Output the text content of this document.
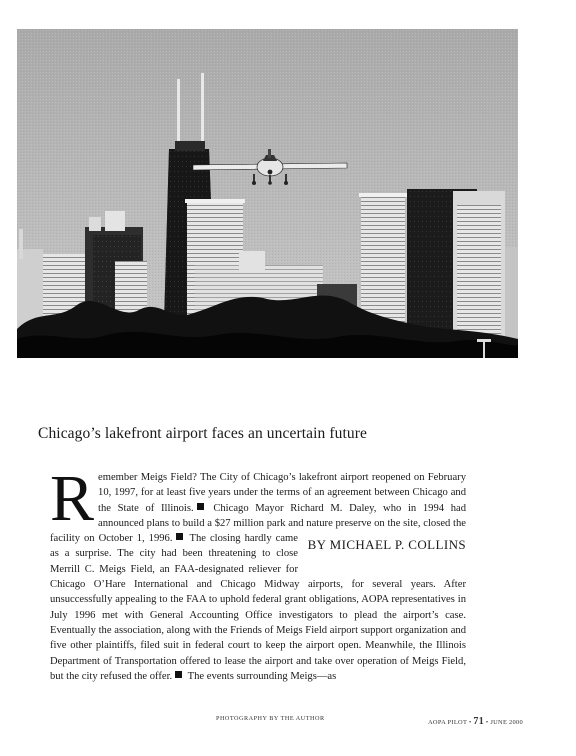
Chicago’s lakefront airport faces an uncertain future
R emember Meigs Field? The City of Chicago’s lakefront airport reopened on February 10, 1997, for at least five years under the terms of an agreement between Chicago and the State of Illinois. Chicago Mayor Richard M. Daley, who in 1994 had announced plans to build a $27 million park and nature preserve on the site, closed the facility on October 1, 1996.	BY MICHAEL P. COLLINS
The closing hardly came as a surprise. The city had been threatening to close Merrill C. Meigs Field, an FAA-designated reliever for Chicago O’Hare International and Chicago Midway airports, for several years. After unsuccessfully appealing to the FAA to uphold federal grant obligations, AOPA representatives in July 1996 met with General Accounting Office investigators to plead the airport’s case. Eventually the association, along with the Friends of Meigs Field airport support organization and five other plaintiffs, filed suit in federal court to keep the airport open. Meanwhile, the Illinois Department of Transportation offered to lease the airport and take over operation of Meigs Field, but the city refused the offer. The events surrounding Meigs—as
PHOTOGRAPHY BY THE AUTHOR
AOPA PILOT • 71 • JUNE 2000
